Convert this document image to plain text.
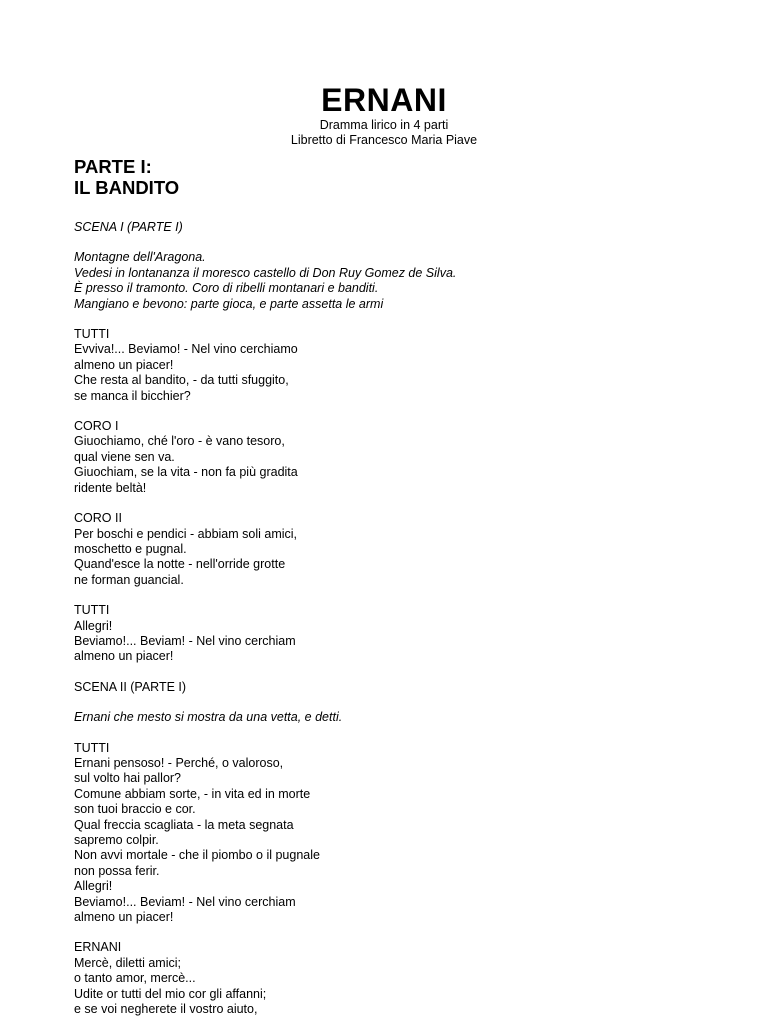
ERNANI

Dramma lirico in 4 parti

Libretto di Francesco Maria Piave

PARTE I:
IL BANDITO
SCENA I (PARTE I)
Montagne dell'Aragona.
Vedesi in lontananza il moresco castello di Don Ruy Gomez de Silva.
È presso il tramonto. Coro di ribelli montanari e banditi.
Mangiano e bevono: parte gioca, e parte assetta le armi
TUTTI
Evviva!... Beviamo! - Nel vino cerchiamo
almeno un piacer!
Che resta al bandito, - da tutti sfuggito,
se manca il bicchier?
CORO I
Giuochiamo, ché l'oro - è vano tesoro,
qual viene sen va.
Giuochiam, se la vita - non fa più gradita
ridente beltà!
CORO II
Per boschi e pendici - abbiam soli amici,
moschetto e pugnal.
Quand'esce la notte - nell'orride grotte
ne forman guancial.
TUTTI
Allegri!
Beviamo!... Beviam! - Nel vino cerchiam
almeno un piacer!
SCENA II (PARTE I)
Ernani che mesto si mostra da una vetta, e detti.
TUTTI
Ernani pensoso! - Perché, o valoroso,
sul volto hai pallor?
Comune abbiam sorte, - in vita ed in morte
son tuoi braccio e cor.
Qual freccia scagliata - la meta segnata
sapremo colpir.
Non avvi mortale - che il piombo o il pugnale
non possa ferir.
Allegri!
Beviamo!... Beviam! - Nel vino cerchiam
almeno un piacer!
ERNANI
Mercè, diletti amici;
o tanto amor, mercè...
Udite or tutti del mio cor gli affanni;
e se voi negherete il vostro aiuto,
